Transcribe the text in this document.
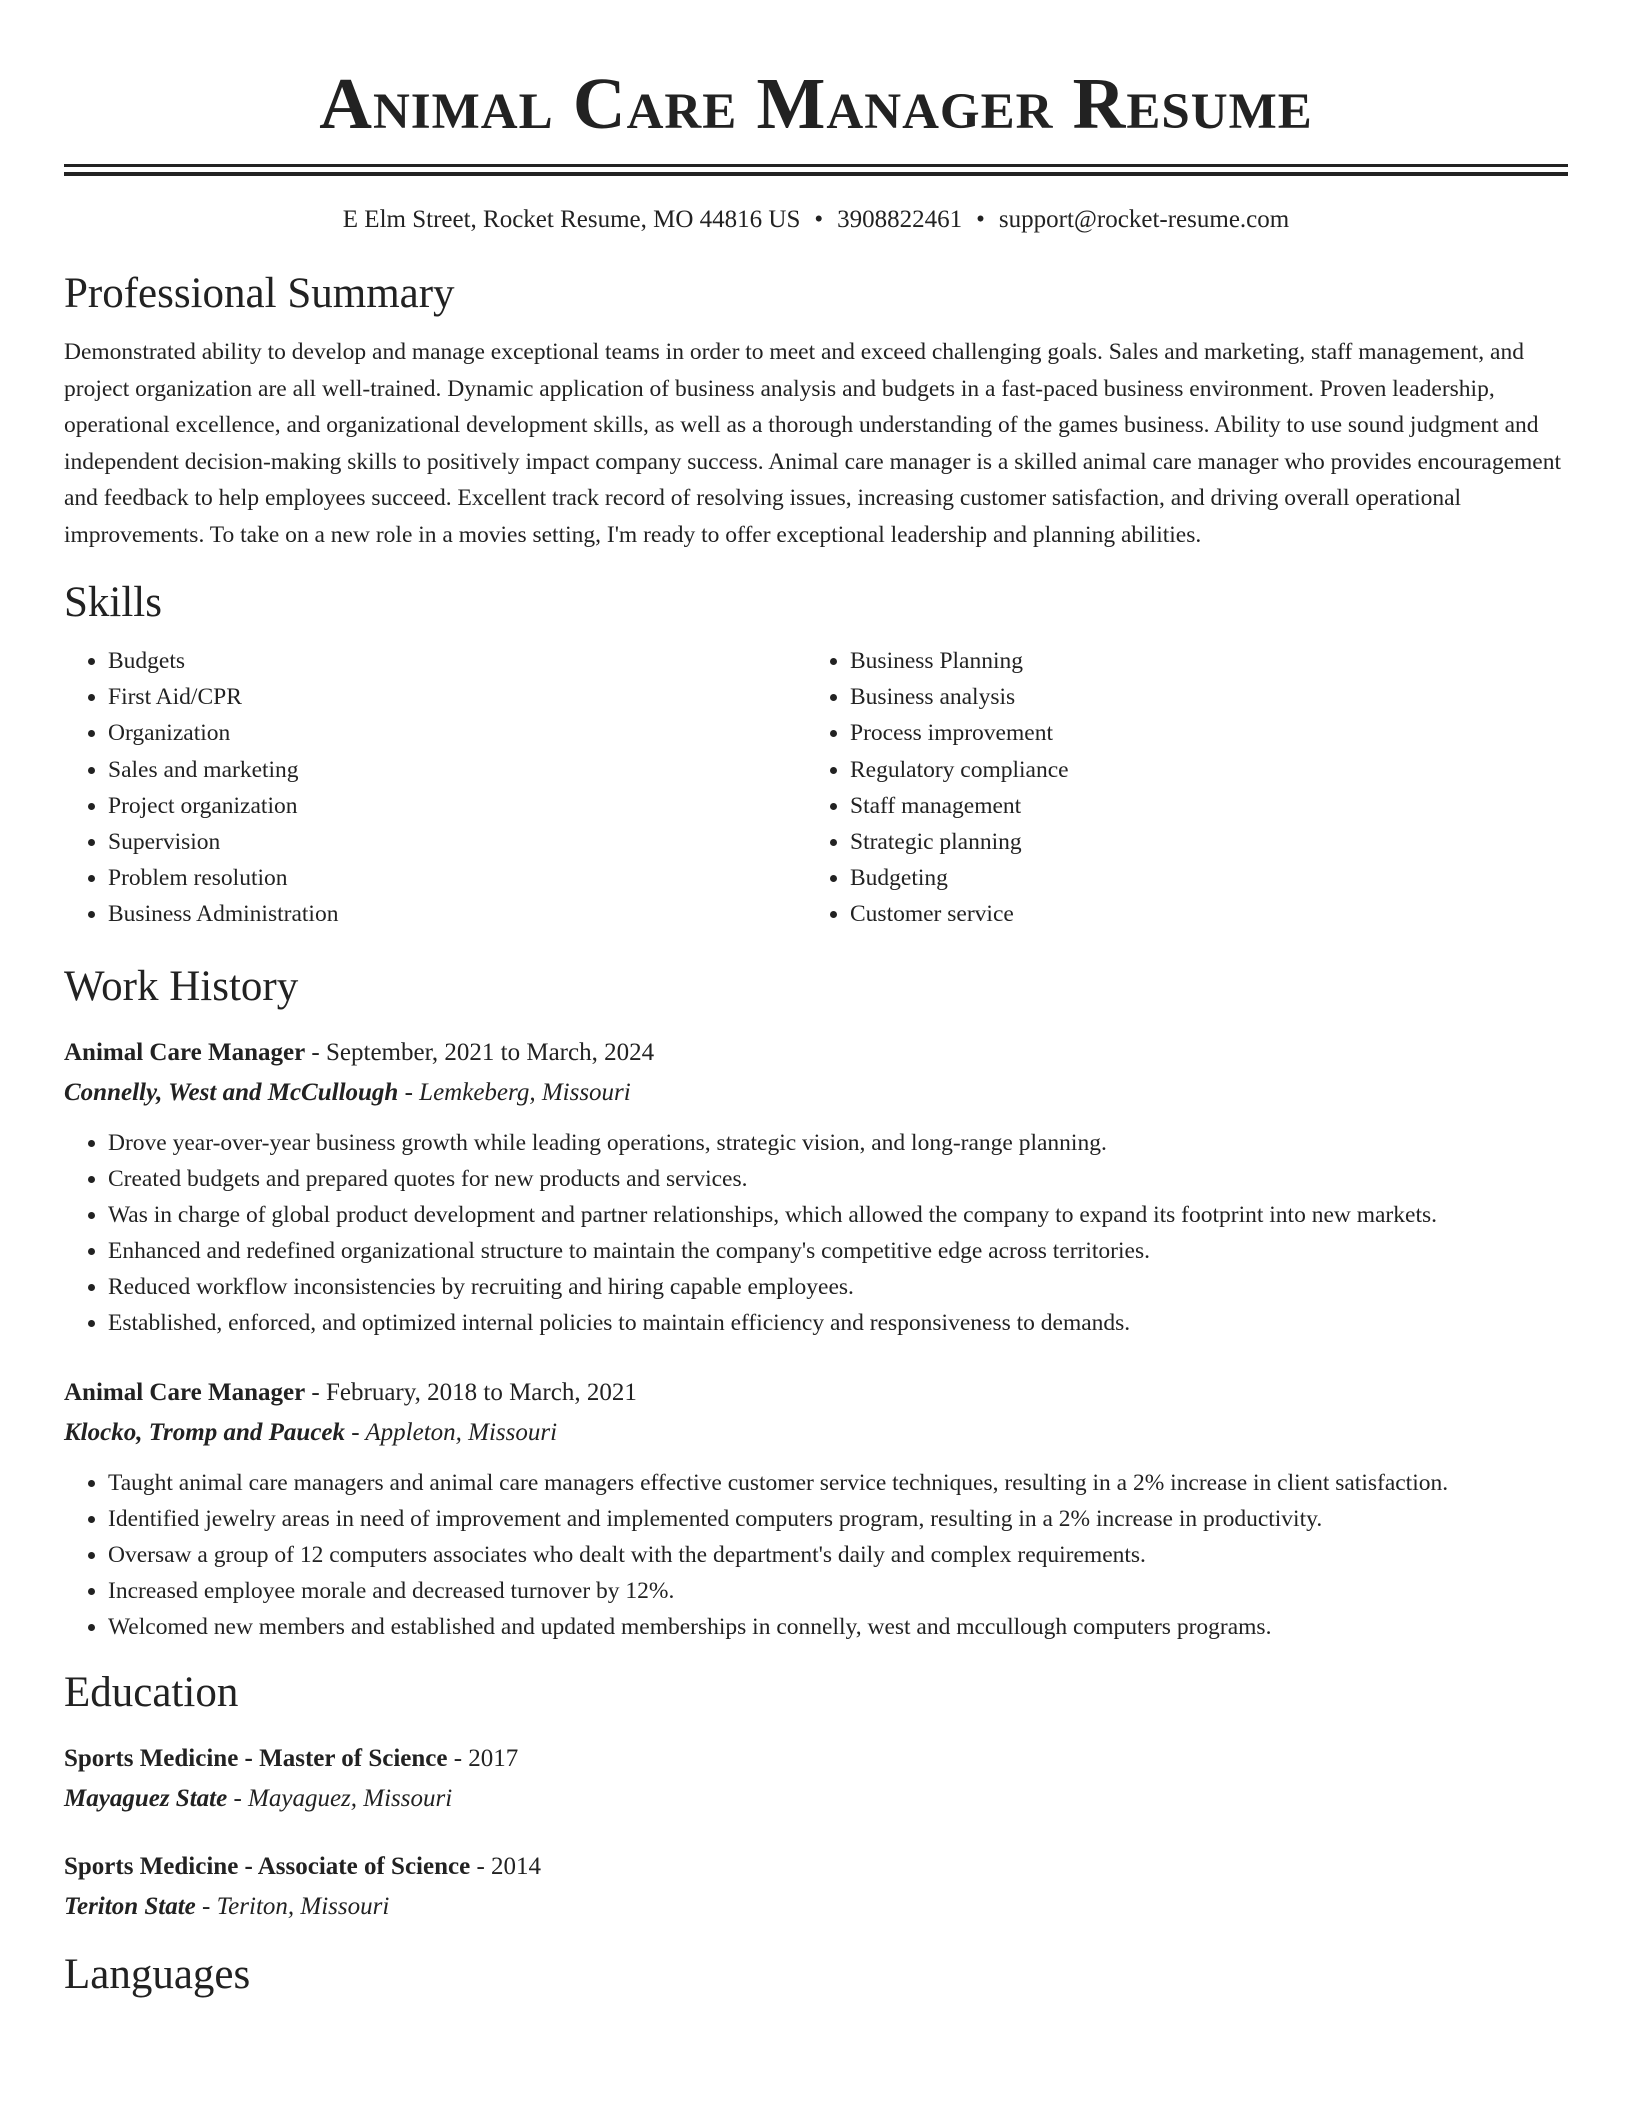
Animal Care Manager Resume
E Elm Street, Rocket Resume, MO 44816 US • 3908822461 • support@rocket-resume.com
Professional Summary

Demonstrated ability to develop and manage exceptional teams in order to meet and exceed challenging goals. Sales and marketing, staff management, and project organization are all well-trained. Dynamic application of business analysis and budgets in a fast-paced business environment. Proven leadership, operational excellence, and organizational development skills, as well as a thorough understanding of the games business. Ability to use sound judgment and independent decision-making skills to positively impact company success. Animal care manager is a skilled animal care manager who provides encouragement and feedback to help employees succeed. Excellent track record of resolving issues, increasing customer satisfaction, and driving overall operational improvements. To take on a new role in a movies setting, I'm ready to offer exceptional leadership and planning abilities.

Skills
• Budgets
• First Aid/CPR
• Organization
• Sales and marketing
• Project organization
• Supervision
• Problem resolution
• Business Administration
• Business Planning
• Business analysis
• Process improvement
• Regulatory compliance
• Staff management
• Strategic planning
• Budgeting
• Customer service
Work History
Animal Care Manager - September, 2021 to March, 2024
Connelly, West and McCullough - Lemkeberg, Missouri
• Drove year-over-year business growth while leading operations, strategic vision, and long-range planning.
• Created budgets and prepared quotes for new products and services.
• Was in charge of global product development and partner relationships, which allowed the company to expand its footprint into new markets.
• Enhanced and redefined organizational structure to maintain the company's competitive edge across territories.
• Reduced workflow inconsistencies by recruiting and hiring capable employees.
• Established, enforced, and optimized internal policies to maintain efficiency and responsiveness to demands.
Animal Care Manager - February, 2018 to March, 2021
Klocko, Tromp and Paucek - Appleton, Missouri
• Taught animal care managers and animal care managers effective customer service techniques, resulting in a 2% increase in client satisfaction.
• Identified jewelry areas in need of improvement and implemented computers program, resulting in a 2% increase in productivity.
• Oversaw a group of 12 computers associates who dealt with the department's daily and complex requirements.
• Increased employee morale and decreased turnover by 12%.
• Welcomed new members and established and updated memberships in connelly, west and mccullough computers programs.
Education
Sports Medicine - Master of Science - 2017
Mayaguez State - Mayaguez, Missouri
Sports Medicine - Associate of Science - 2014
Teriton State - Teriton, Missouri
Languages
